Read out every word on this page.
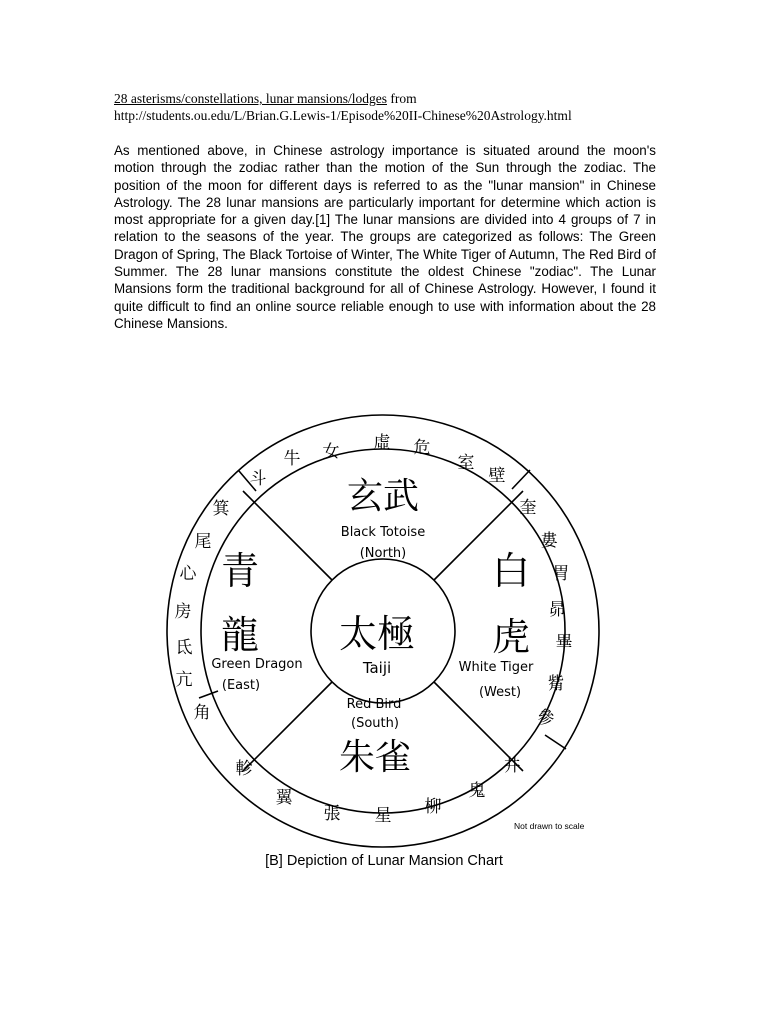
28 asterisms/constellations, lunar mansions/lodges from
http://students.ou.edu/L/Brian.G.Lewis-1/Episode%20II-Chinese%20Astrology.html

As mentioned above, in Chinese astrology importance is situated around the moon's motion through the zodiac rather than the motion of the Sun through the zodiac. The position of the moon for different days is referred to as the "lunar mansion" in Chinese Astrology. The 28 lunar mansions are particularly important for determine which action is most appropriate for a given day.[1] The lunar mansions are divided into 4 groups of 7 in relation to the seasons of the year. The groups are categorized as follows: The Green Dragon of Spring, The Black Tortoise of Winter, The White Tiger of Autumn, The Red Bird of Summer. The 28 lunar mansions constitute the oldest Chinese "zodiac". The Lunar Mansions form the traditional background for all of Chinese Astrology. However, I found it quite difficult to find an online source reliable enough to use with information about the 28 Chinese Mansions.

玄武
Black Totoise
(North)
青
龍
Green Dragon
(East)
白
虎
White Tiger
(West)
太極
Taiji
Red Bird
(South)
朱雀
斗
牛 女 虛 危
室
壁
奎
婁
胃
昴
畢
觜
參
井
鬼
柳
星
張
翼
軫
角
亢
氐
房
心
尾
箕
Not drawn to scale
[B] Depiction of Lunar Mansion Chart
